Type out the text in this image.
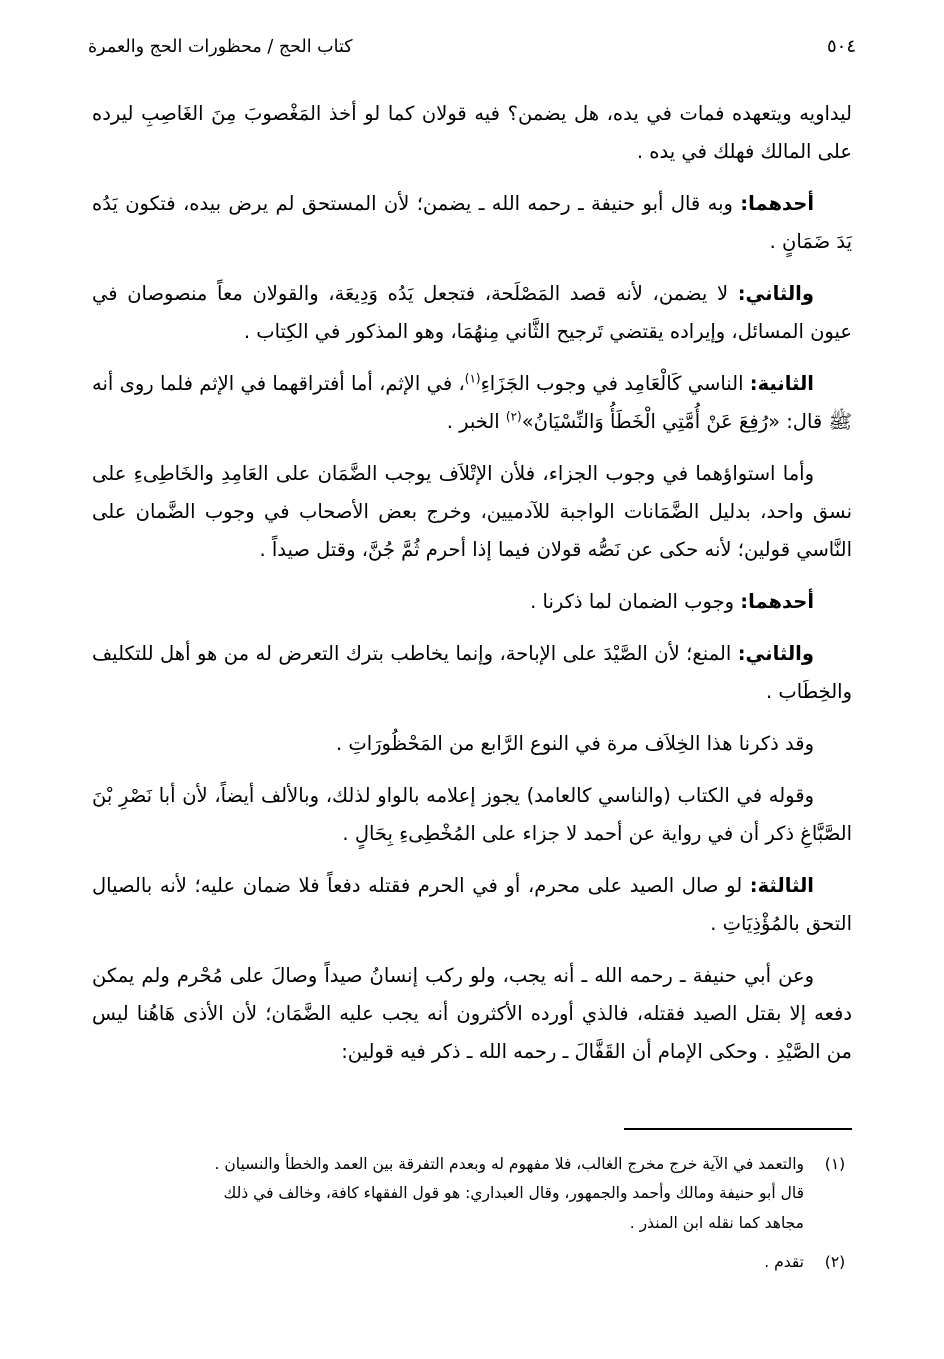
كتاب الحج / محظورات الحج والعمرة	٥٠٤

ليداويه ويتعهده فمات في يده، هل يضمن؟ فيه قولان كما لو أخذ المَغْصوبَ مِنَ الغَاصِبِ ليرده على المالك فهلك في يده .

أحدهما: وبه قال أبو حنيفة ـ رحمه الله ـ يضمن؛ لأن المستحق لم يرض بيده، فتكون يَدُه يَدَ ضَمَانٍ .

والثاني: لا يضمن، لأنه قصد المَصْلَحة، فتجعل يَدُه وَدِيعَة، والقولان معاً منصوصان في عيون المسائل، وإيراده يقتضي تَرجيح الثَّاني مِنهُمَا، وهو المذكور في الكِتاب .

الثانية: الناسي كَالْعَامِد في وجوب الجَزَاءِ$^{(١)}$، في الإثم، أما أفتراقهما في الإثم فلما روى أنه ﷺ قال: «رُفِعَ عَنْ أُمَّتِي الْخَطَأُ وَالنِّسْيَانُ»$^{(٢)}$ الخبر .

وأما استواؤهما في وجوب الجزاء، فلأن الإتْلاَف يوجب الضَّمَان على العَامِدِ والخَاطِىءِ على نسق واحد، بدليل الضَّمَانات الواجبة للآدميين، وخرج بعض الأصحاب في وجوب الضَّمان على النَّاسي قولين؛ لأنه حكى عن نَصُّه قولان فيما إذا أحرم ثُمَّ جُنَّ، وقتل صيداً .

أحدهما: وجوب الضمان لما ذكرنا .

والثاني: المنع؛ لأن الصَّيْدَ على الإباحة، وإنما يخاطب بترك التعرض له من هو أهل للتكليف والخِطَاب .

وقد ذكرنا هذا الخِلاَف مرة في النوع الرَّابع من المَحْظُورَاتِ .

وقوله في الكتاب (والناسي كالعامد) يجوز إعلامه بالواو لذلك، وبالألف أيضاً، لأن أبا نَصْرِ بْنَ الصَّبَّاغِ ذكر أن في رواية عن أحمد لا جزاء على المُخْطِىءِ بِحَالٍ .

الثالثة: لو صال الصيد على محرم، أو في الحرم فقتله دفعاً فلا ضمان عليه؛ لأنه بالصيال التحق بالمُؤْذِيَاتِ .

وعن أبي حنيفة ـ رحمه الله ـ أنه يجب، ولو ركب إنسانُ صيداً وصالَ على مُحْرم ولم يمكن دفعه إلا بقتل الصيد فقتله، فالذي أورده الأكثرون أنه يجب عليه الضَّمَان؛ لأن الأذى هَاهُنا ليس من الصَّيْدِ . وحكى الإمام أن القَفَّالَ ـ رحمه الله ـ ذكر فيه قولين:

(١)
والتعمد في الآية خرج مخرج الغالب، فلا مفهوم له وبعدم التفرقة بين العمد والخطأ والنسيان .
قال أبو حنيفة ومالك وأحمد والجمهور، وقال العبداري: هو قول الفقهاء كافة، وخالف في ذلك
مجاهد كما نقله ابن المنذر .
(٢)
تقدم .
